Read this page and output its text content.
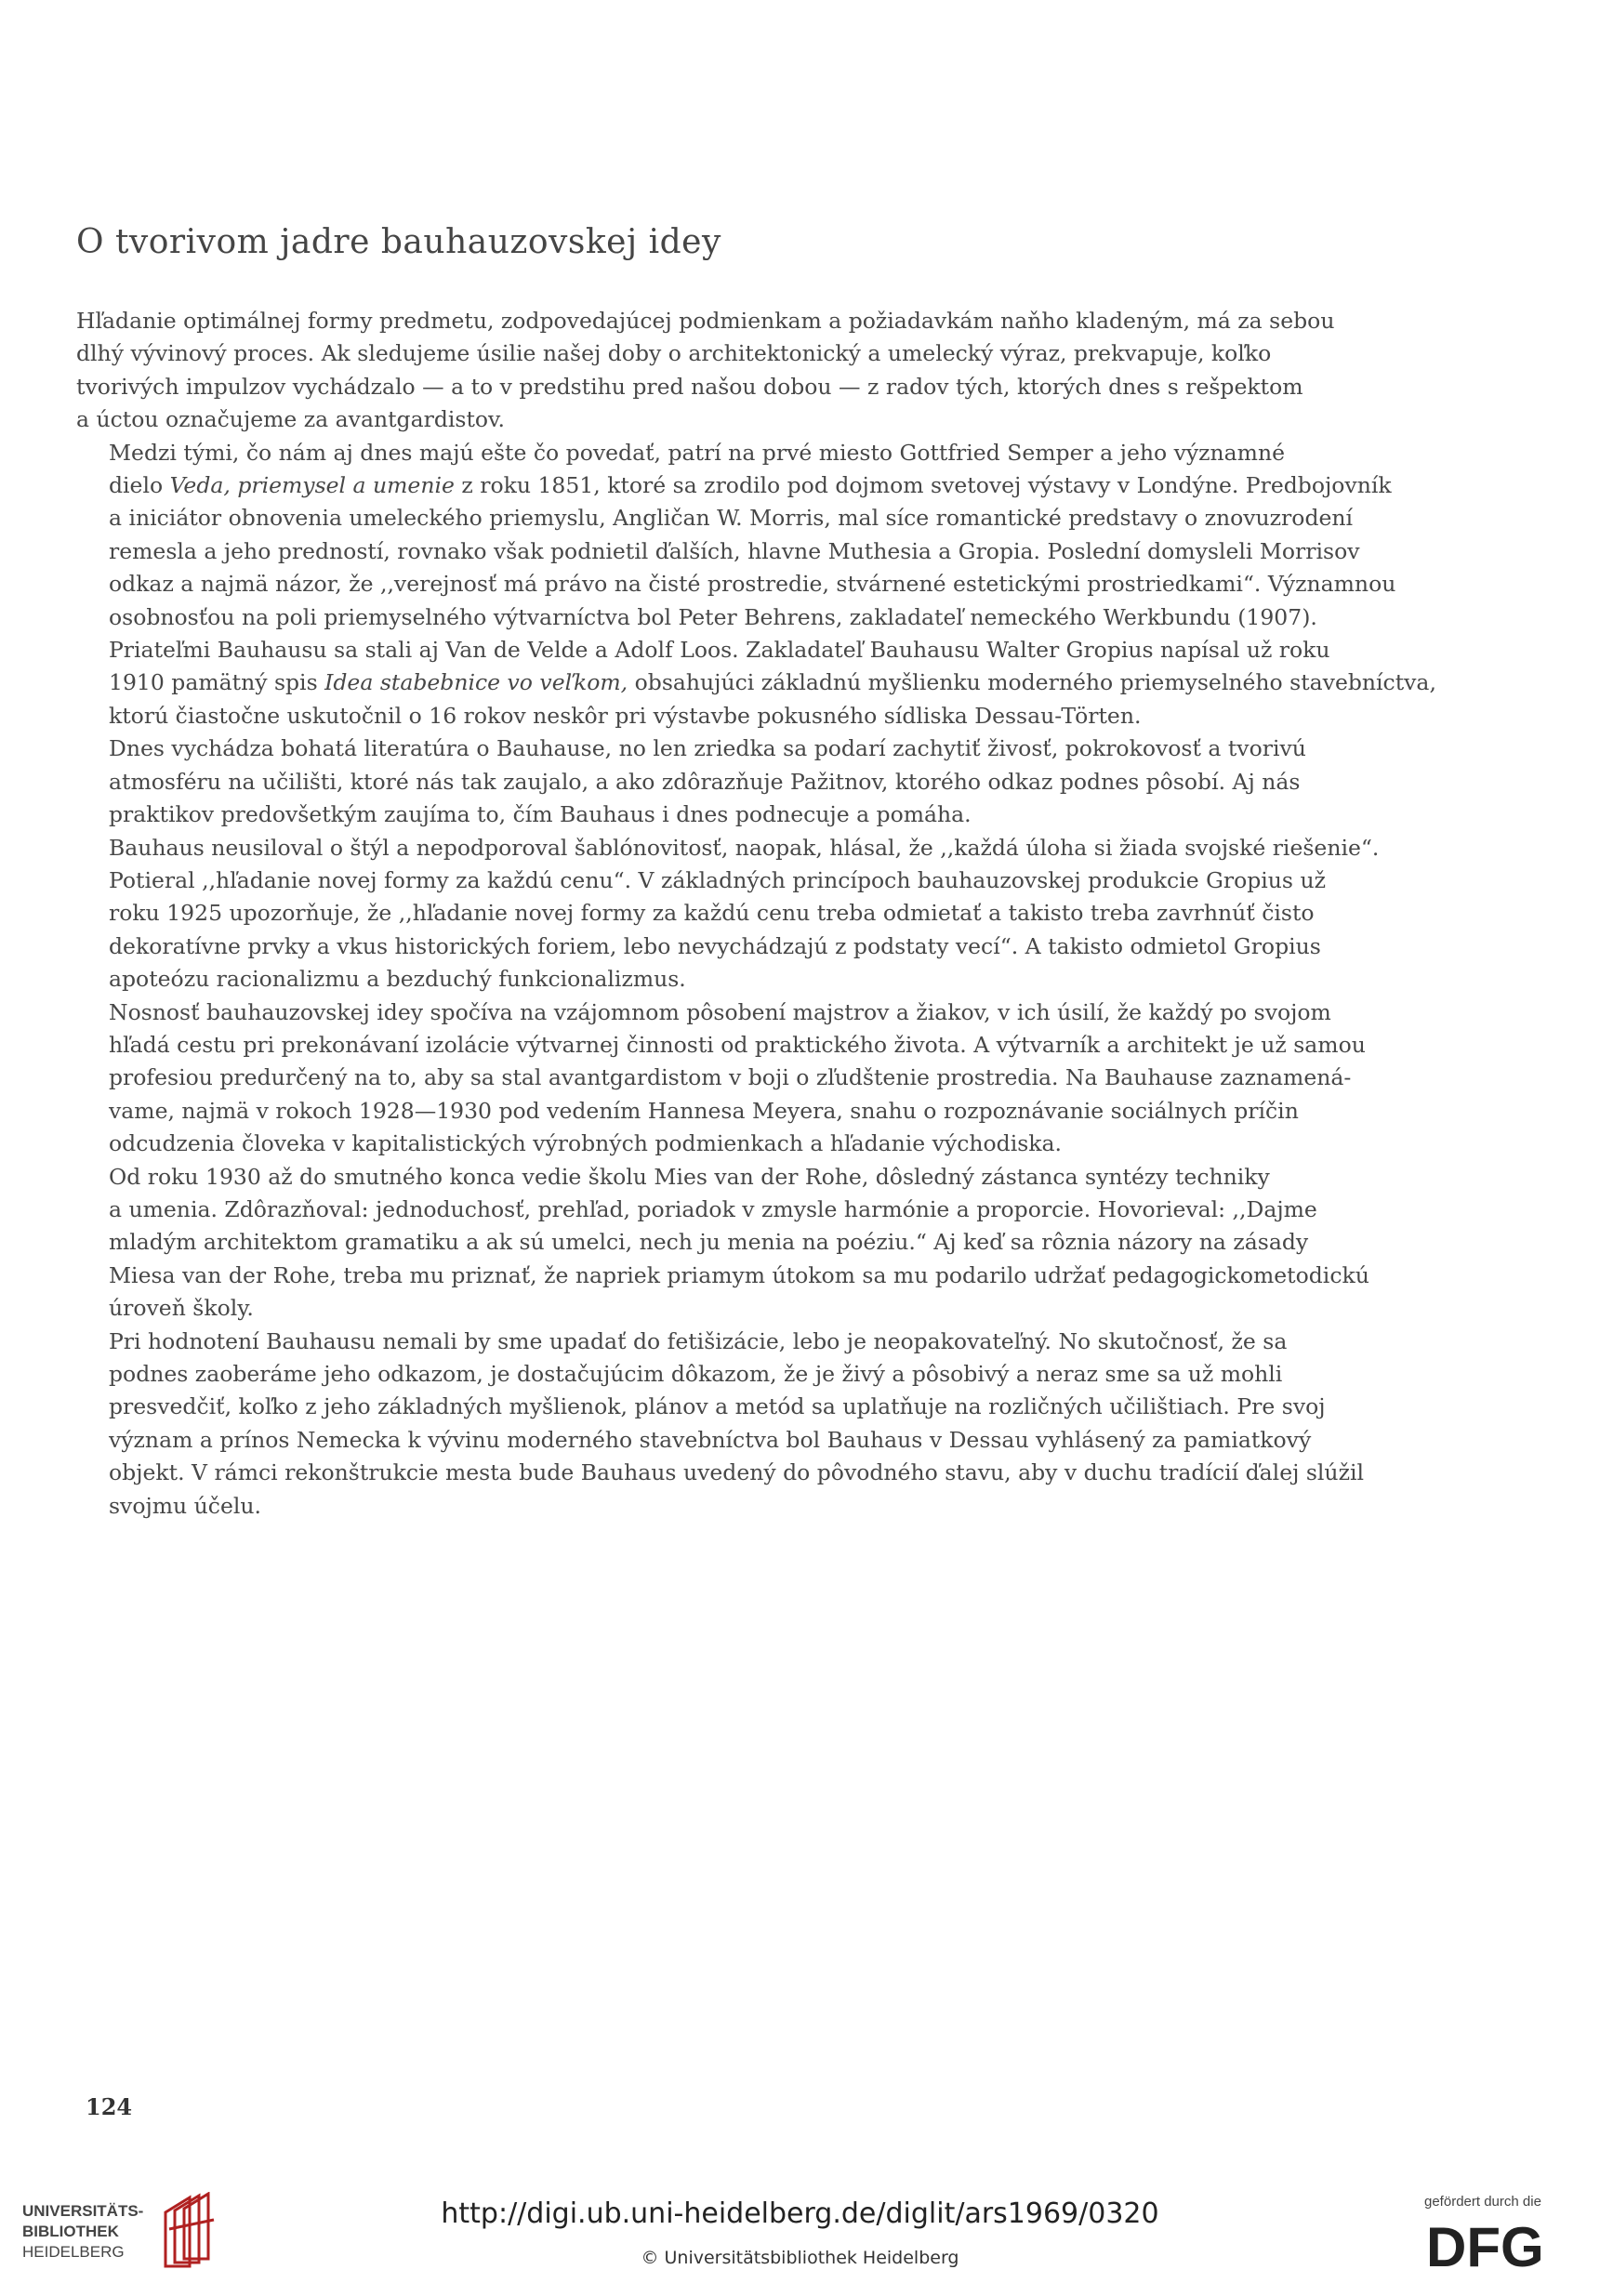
O tvorivom jadre bauhauzovskej idey

Hľadanie optimálnej formy predmetu, zodpovedajúcej podmienkam a požiadavkám naňho kladeným, má za sebou
dlhý vývinový proces. Ak sledujeme úsilie našej doby o architektonický a umelecký výraz, prekvapuje, koľko
tvorivých impulzov vychádzalo — a to v predstihu pred našou dobou — z radov tých, ktorých dnes s rešpektom
a úctou označujeme za avantgardistov.

Medzi tými, čo nám aj dnes majú ešte čo povedať, patrí na prvé miesto Gottfried Semper a jeho významné
dielo Veda, priemysel a umenie z roku 1851, ktoré sa zrodilo pod dojmom svetovej výstavy v Londýne. Predbojovník
a iniciátor obnovenia umeleckého priemyslu, Angličan W. Morris, mal síce romantické predstavy o znovuzrodení
remesla a jeho predností, rovnako však podnietil ďalších, hlavne Muthesia a Gropia. Poslední domysleli Morrisov
odkaz a najmä názor, že ,,verejnosť má právo na čisté prostredie, stvárnené estetickými prostriedkami“. Významnou
osobnosťou na poli priemyselného výtvarníctva bol Peter Behrens, zakladateľ nemeckého Werkbundu (1907).
Priateľmi Bauhausu sa stali aj Van de Velde a Adolf Loos. Zakladateľ Bauhausu Walter Gropius napísal už roku
1910 pamätný spis Idea stabebnice vo veľkom, obsahujúci základnú myšlienku moderného priemyselného stavebníctva,
ktorú čiastočne uskutočnil o 16 rokov neskôr pri výstavbe pokusného sídliska Dessau-Törten.

Dnes vychádza bohatá literatúra o Bauhause, no len zriedka sa podarí zachytiť živosť, pokrokovosť a tvorivú
atmosféru na učilišti, ktoré nás tak zaujalo, a ako zdôrazňuje Pažitnov, ktorého odkaz podnes pôsobí. Aj nás
praktikov predovšetkým zaujíma to, čím Bauhaus i dnes podnecuje a pomáha.

Bauhaus neusiloval o štýl a nepodporoval šablónovitosť, naopak, hlásal, že ,,každá úloha si žiada svojské riešenie“.
Potieral ,,hľadanie novej formy za každú cenu“. V základných princípoch bauhauzovskej produkcie Gropius už
roku 1925 upozorňuje, že ,,hľadanie novej formy za každú cenu treba odmietať a takisto treba zavrhnúť čisto
dekoratívne prvky a vkus historických foriem, lebo nevychádzajú z podstaty vecí“. A takisto odmietol Gropius
apoteózu racionalizmu a bezduchý funkcionalizmus.

Nosnosť bauhauzovskej idey spočíva na vzájomnom pôsobení majstrov a žiakov, v ich úsilí, že každý po svojom
hľadá cestu pri prekonávaní izolácie výtvarnej činnosti od praktického života. A výtvarník a architekt je už samou
profesiou predurčený na to, aby sa stal avantgardistom v boji o zľudštenie prostredia. Na Bauhause zaznamená-
vame, najmä v rokoch 1928—1930 pod vedením Hannesa Meyera, snahu o rozpoznávanie sociálnych príčin
odcudzenia človeka v kapitalistických výrobných podmienkach a hľadanie východiska.

Od roku 1930 až do smutného konca vedie školu Mies van der Rohe, dôsledný zástanca syntézy techniky
a umenia. Zdôrazňoval: jednoduchosť, prehľad, poriadok v zmysle harmónie a proporcie. Hovorieval: ,,Dajme
mladým architektom gramatiku a ak sú umelci, nech ju menia na poéziu.“ Aj keď sa rôznia názory na zásady
Miesa van der Rohe, treba mu priznať, že napriek priamym útokom sa mu podarilo udržať pedagogickometodickú
úroveň školy.

Pri hodnotení Bauhausu nemali by sme upadať do fetišizácie, lebo je neopakovateľný. No skutočnosť, že sa
podnes zaoberáme jeho odkazom, je dostačujúcim dôkazom, že je živý a pôsobivý a neraz sme sa už mohli
presvedčiť, koľko z jeho základných myšlienok, plánov a metód sa uplatňuje na rozličných učilištiach. Pre svoj
význam a prínos Nemecka k vývinu moderného stavebníctva bol Bauhaus v Dessau vyhlásený za pamiatkový
objekt. V rámci rekonštrukcie mesta bude Bauhaus uvedený do pôvodného stavu, aby v duchu tradícií ďalej slúžil
svojmu účelu.

124
UNIVERSITÄTS-
BIBLIOTHEK
HEIDELBERG
http://digi.ub.uni-heidelberg.de/diglit/ars1969/0320
© Universitätsbibliothek Heidelberg
gefördert durch die
DFG
